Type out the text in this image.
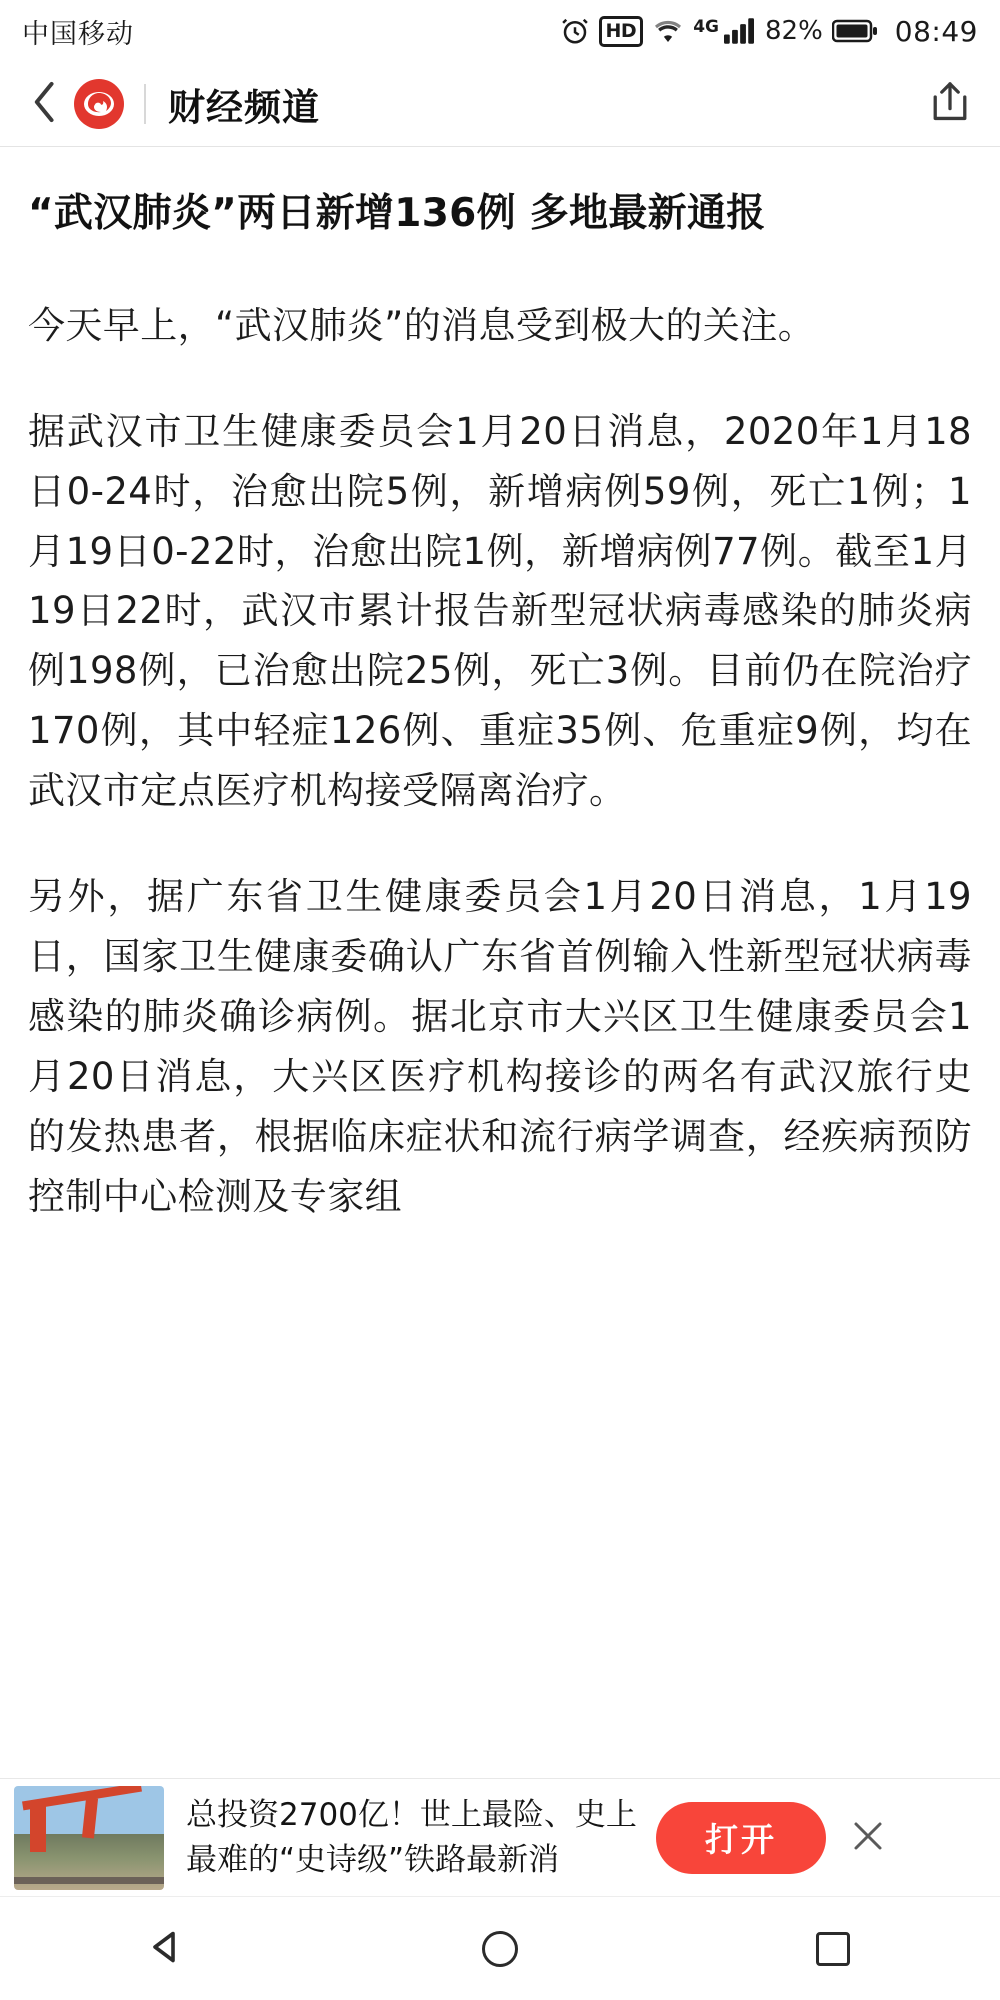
中国移动	HD	4G 82%	08:49
财经频道
“武汉肺炎”两日新增136例 多地最新通报

今天早上，“武汉肺炎”的消息受到极大的关注。

据武汉市卫生健康委员会1月20日消息，2020年1月18日0-24时，治愈出院5例，新增病例59例，死亡1例；1月19日0-22时，治愈出院1例，新增病例77例。截至1月19日22时，武汉市累计报告新型冠状病毒感染的肺炎病例198例，已治愈出院25例，死亡3例。目前仍在院治疗170例，其中轻症126例、重症35例、危重症9例，均在武汉市定点医疗机构接受隔离治疗。

另外，据广东省卫生健康委员会1月20日消息，1月19日，国家卫生健康委确认广东省首例输入性新型冠状病毒感染的肺炎确诊病例。据北京市大兴区卫生健康委员会1月20日消息，大兴区医疗机构接诊的两名有武汉旅行史的发热患者，根据临床症状和流行病学调查，经疾病预防控制中心检测及专家组

总投资2700亿！世上最险、史上最难的“史诗级”铁路最新消
打开
